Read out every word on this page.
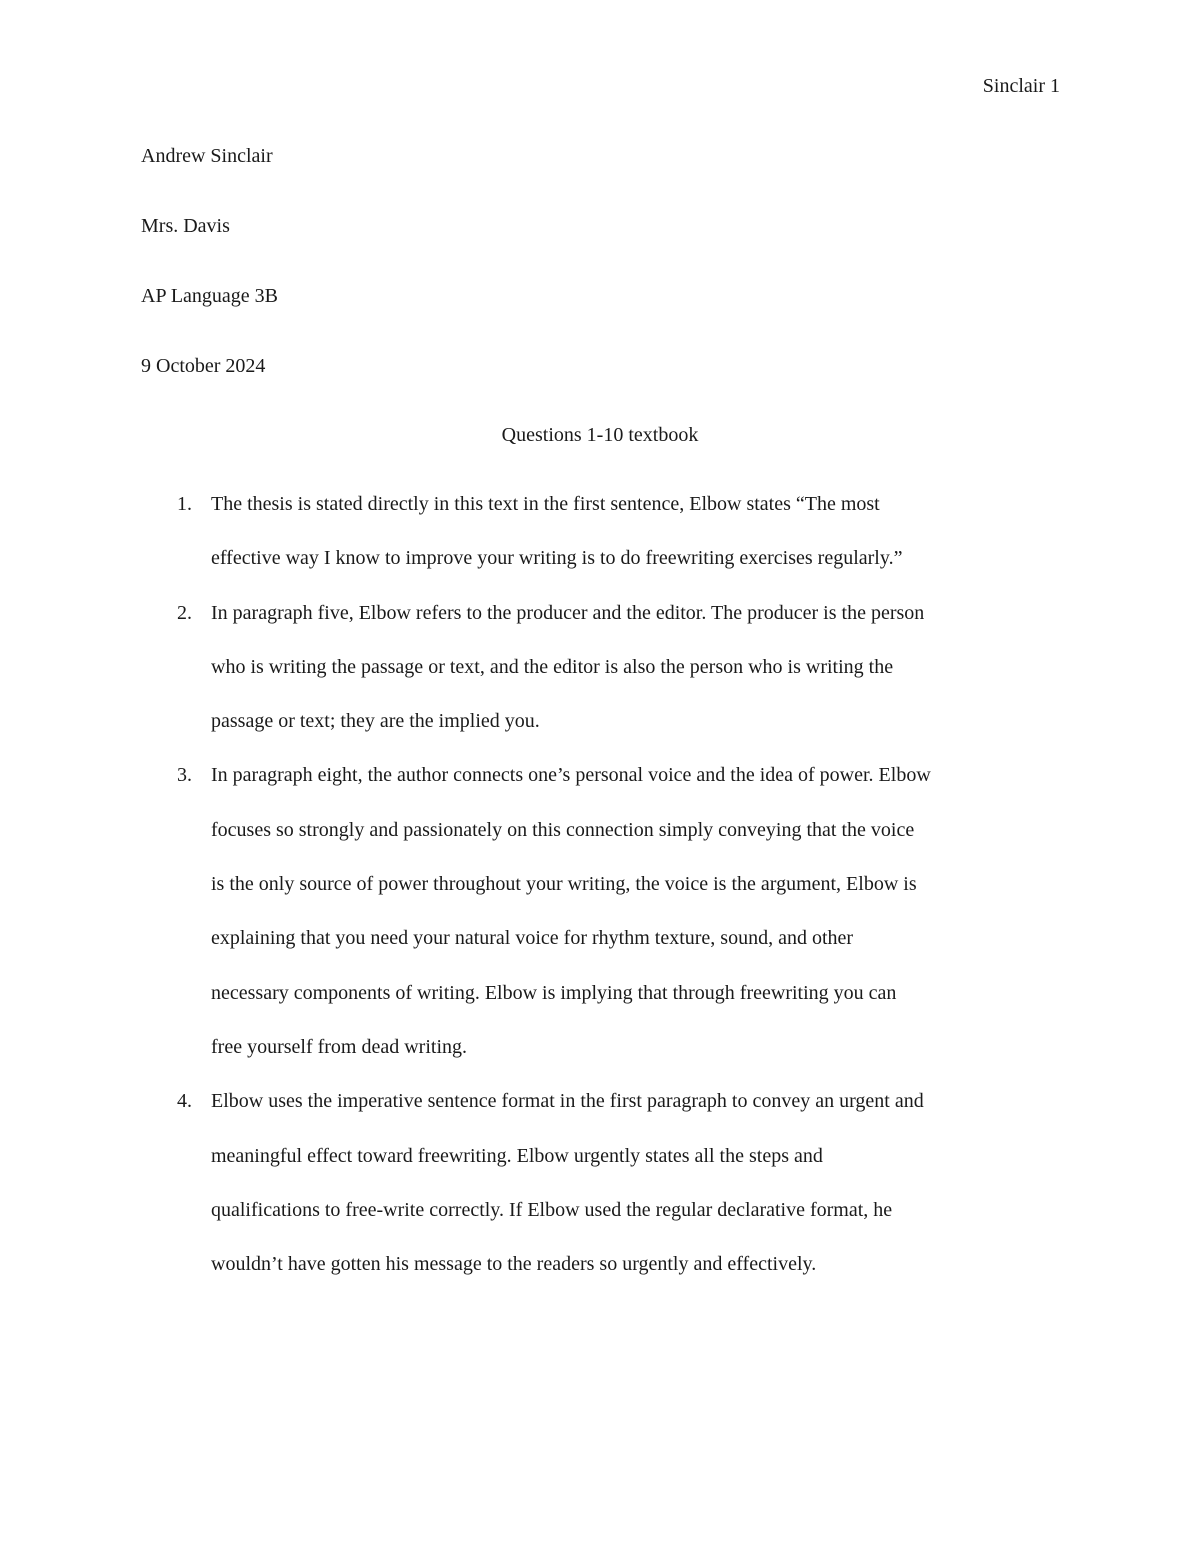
Sinclair 1
Andrew Sinclair
Mrs. Davis
AP Language 3B
9 October 2024
Questions 1-10 textbook
1. The thesis is stated directly in this text in the first sentence, Elbow states “The most
effective way I know to improve your writing is to do freewriting exercises regularly.”
2. In paragraph five, Elbow refers to the producer and the editor. The producer is the person
who is writing the passage or text, and the editor is also the person who is writing the
passage or text; they are the implied you.
3. In paragraph eight, the author connects one’s personal voice and the idea of power. Elbow
focuses so strongly and passionately on this connection simply conveying that the voice
is the only source of power throughout your writing, the voice is the argument, Elbow is
explaining that you need your natural voice for rhythm texture, sound, and other
necessary components of writing. Elbow is implying that through freewriting you can
free yourself from dead writing.
4. Elbow uses the imperative sentence format in the first paragraph to convey an urgent and
meaningful effect toward freewriting. Elbow urgently states all the steps and
qualifications to free-write correctly. If Elbow used the regular declarative format, he
wouldn’t have gotten his message to the readers so urgently and effectively.
